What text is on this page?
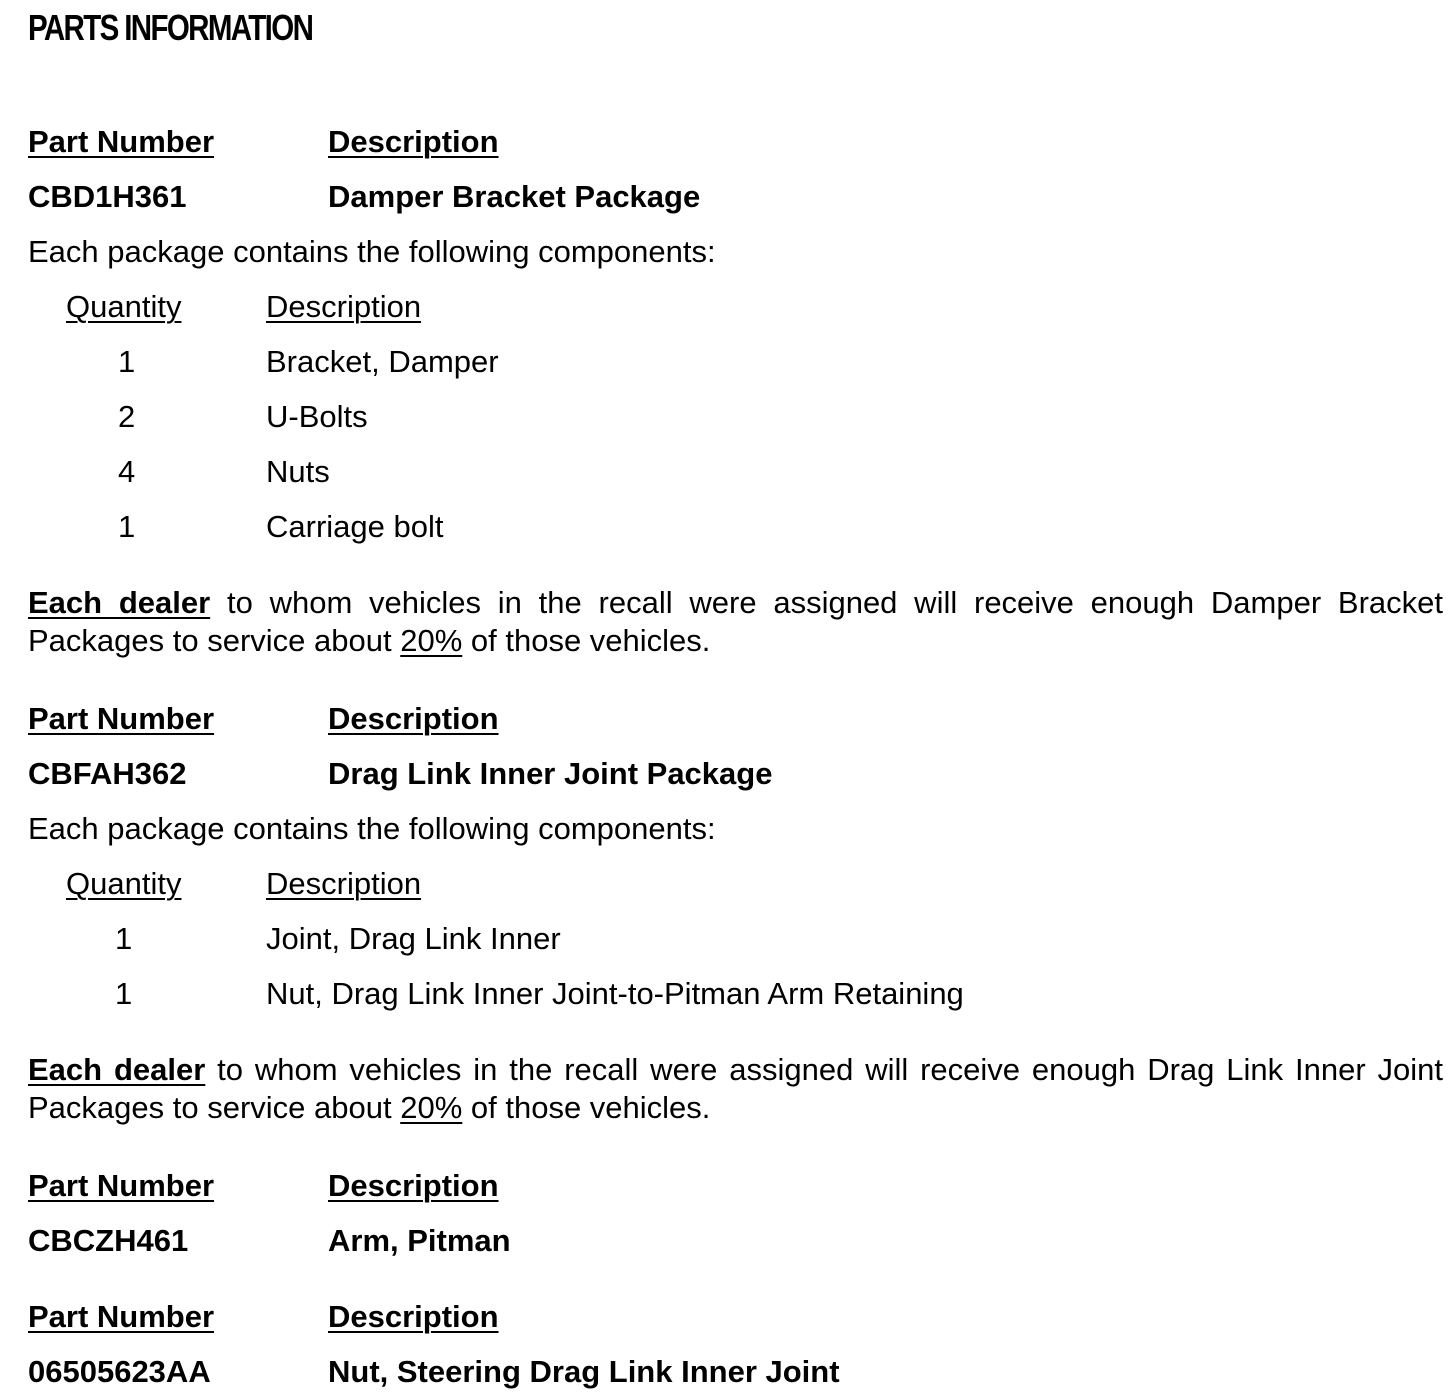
PARTS INFORMATION
Part Number	Description
CBD1H361	Damper Bracket Package
Each package contains the following components:
Quantity	Description
1	Bracket, Damper
2	U-Bolts
4	Nuts
1	Carriage bolt
Each dealer to whom vehicles in the recall were assigned will receive enough Damper Bracket Packages to service about 20% of those vehicles.
Part Number	Description
CBFAH362	Drag Link Inner Joint Package
Each package contains the following components:
Quantity	Description
1	Joint, Drag Link Inner
1	Nut, Drag Link Inner Joint-to-Pitman Arm Retaining
Each dealer to whom vehicles in the recall were assigned will receive enough Drag Link Inner Joint Packages to service about 20% of those vehicles.
Part Number	Description
CBCZH461	Arm, Pitman
Part Number	Description
06505623AA	Nut, Steering Drag Link Inner Joint
